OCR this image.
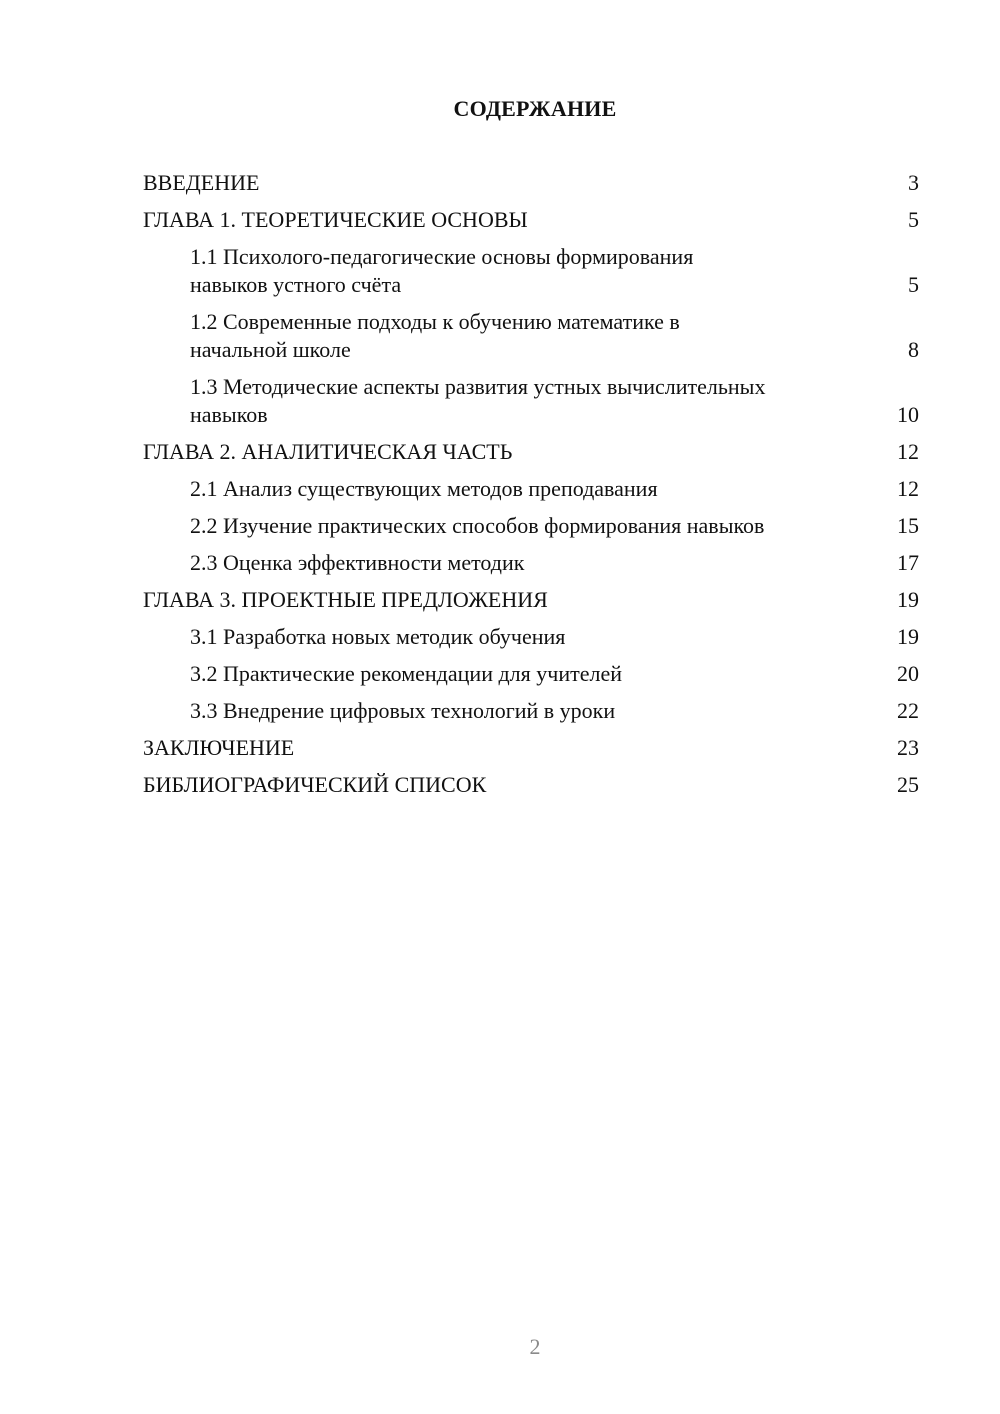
СОДЕРЖАНИЕ
ВВЕДЕНИЕ	3
ГЛАВА 1. ТЕОРЕТИЧЕСКИЕ ОСНОВЫ	5
1.1 Психолого-педагогические основы формирования навыков устного счёта	5
1.2 Современные подходы к обучению математике в начальной школе	8
1.3 Методические аспекты развития устных вычислительных навыков	10
ГЛАВА 2. АНАЛИТИЧЕСКАЯ ЧАСТЬ	12
2.1 Анализ существующих методов преподавания	12
2.2 Изучение практических способов формирования навыков	15
2.3 Оценка эффективности методик	17
ГЛАВА 3. ПРОЕКТНЫЕ ПРЕДЛОЖЕНИЯ	19
3.1 Разработка новых методик обучения	19
3.2 Практические рекомендации для учителей	20
3.3 Внедрение цифровых технологий в уроки	22
ЗАКЛЮЧЕНИЕ	23
БИБЛИОГРАФИЧЕСКИЙ СПИСОК	25
2
